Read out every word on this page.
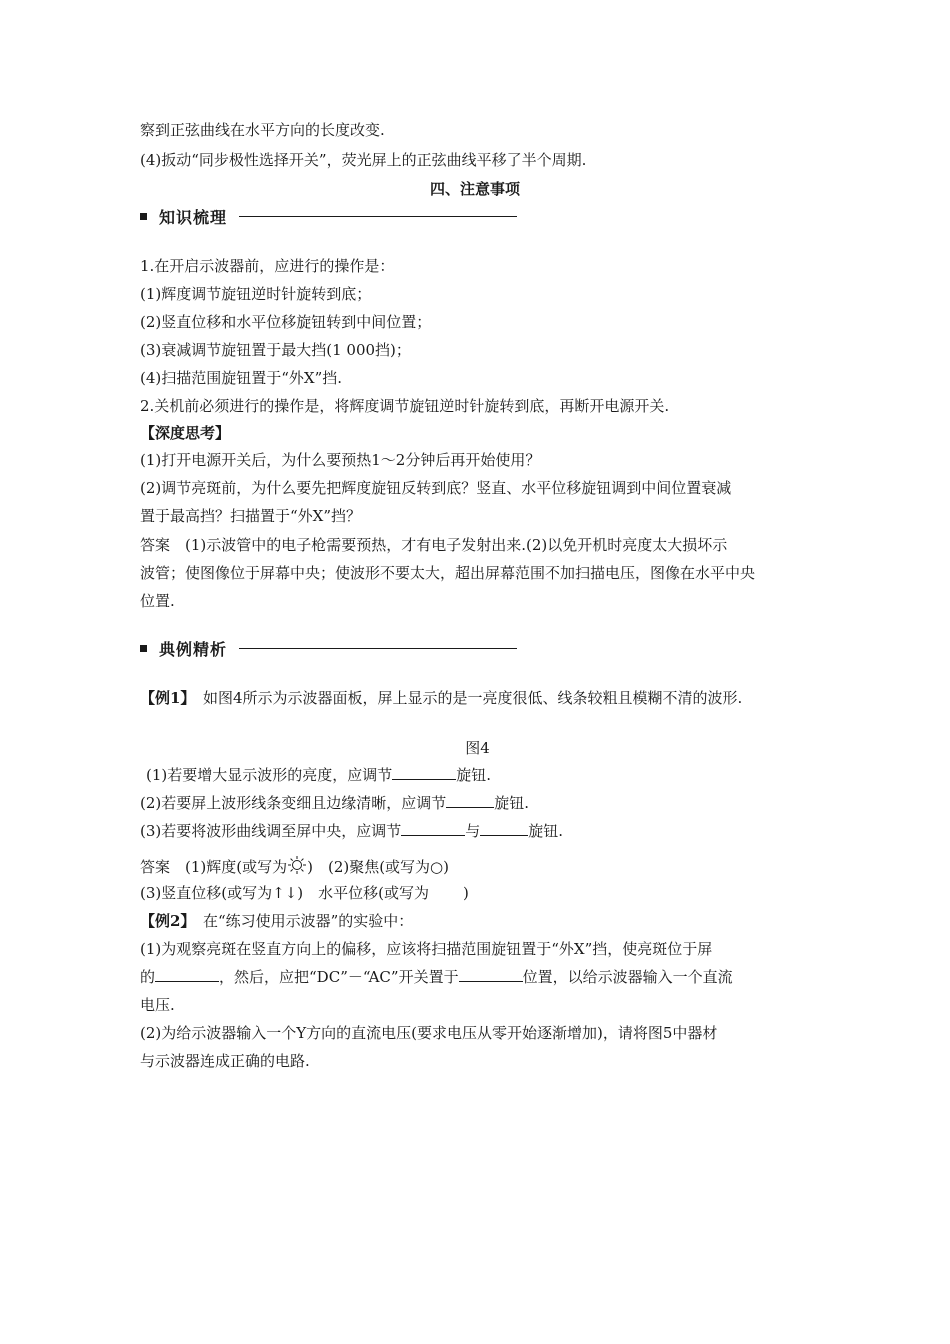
察到正弦曲线在水平方向的长度改变.
(4)扳动“同步极性选择开关”，荧光屏上的正弦曲线平移了半个周期.
四、注意事项
知识梳理
1.在开启示波器前，应进行的操作是：
(1)辉度调节旋钮逆时针旋转到底；
(2)竖直位移和水平位移旋钮转到中间位置；
(3)衰减调节旋钮置于最大挡(1 000挡)；
(4)扫描范围旋钮置于“外X”挡.
2.关机前必须进行的操作是，将辉度调节旋钮逆时针旋转到底，再断开电源开关.
【深度思考】
(1)打开电源开关后，为什么要预热1～2分钟后再开始使用？
(2)调节亮斑前，为什么要先把辉度旋钮反转到底？竖直、水平位移旋钮调到中间位置衰减
置于最高挡？扫描置于“外X”挡？
答案　(1)示波管中的电子枪需要预热，才有电子发射出来.(2)以免开机时亮度太大损坏示
波管；使图像位于屏幕中央；使波形不要太大，超出屏幕范围不加扫描电压，图像在水平中央
位置.
典例精析
【例1】　如图4所示为示波器面板，屏上显示的是一亮度很低、线条较粗且模糊不清的波形.
图4
(1)若要增大显示波形的亮度，应调节	旋钮.
(2)若要屏上波形线条变细且边缘清晰，应调节	旋钮.
(3)若要将波形曲线调至屏中央，应调节	与	旋钮.
答案　(1)辉度(或写为 )　(2)聚焦(或写为○)
(3)竖直位移(或写为↑↓)　水平位移(或写为 )
【例2】　在“练习使用示波器”的实验中：
(1)为观察亮斑在竖直方向上的偏移，应该将扫描范围旋钮置于“外X”挡，使亮斑位于屏
的	，然后，应把“DC”－“AC”开关置于	位置，以给示波器输入一个直流
电压.
(2)为给示波器输入一个Y方向的直流电压(要求电压从零开始逐渐增加)，请将图5中器材
与示波器连成正确的电路.
